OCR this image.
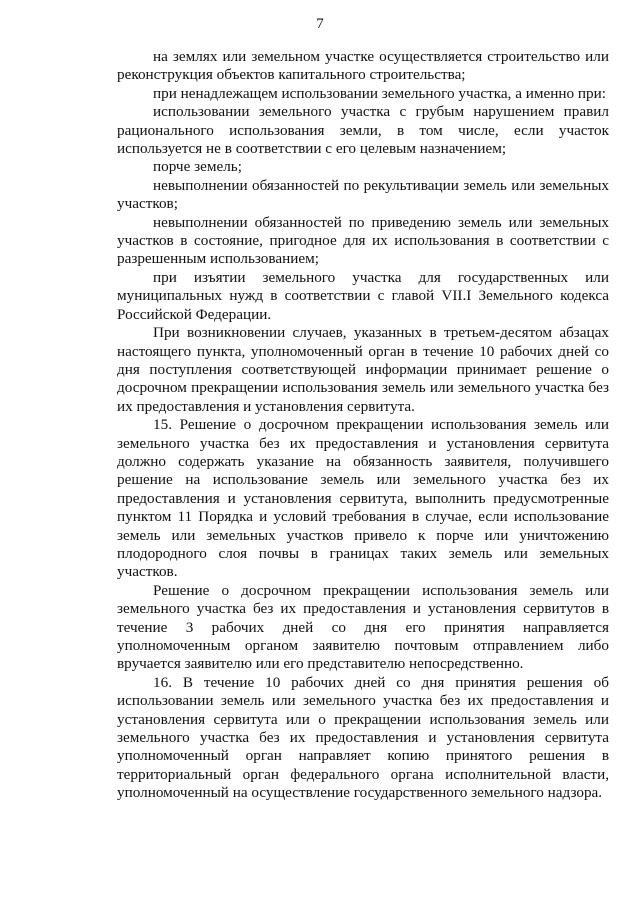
7

на землях или земельном участке осуществляется строительство или реконструкция объектов капитального строительства;

при ненадлежащем использовании земельного участка, а именно при:

использовании земельного участка с грубым нарушением правил рационального использования земли, в том числе, если участок используется не в соответствии с его целевым назначением;

порче земель;

невыполнении обязанностей по рекультивации земель или земельных участков;

невыполнении обязанностей по приведению земель или земельных участков в состояние, пригодное для их использования в соответствии с разрешенным использованием;

при изъятии земельного участка для государственных или муниципальных нужд в соответствии с главой VII.I Земельного кодекса Российской Федерации.

При возникновении случаев, указанных в третьем-десятом абзацах настоящего пункта, уполномоченный орган в течение 10 рабочих дней со дня поступления соответствующей информации принимает решение о досрочном прекращении использования земель или земельного участка без их предоставления и установления сервитута.

15. Решение о досрочном прекращении использования земель или земельного участка без их предоставления и установления сервитута должно содержать указание на обязанность заявителя, получившего решение на использование земель или земельного участка без их предоставления и установления сервитута, выполнить предусмотренные пунктом 11 Порядка и условий требования в случае, если использование земель или земельных участков привело к порче или уничтожению плодородного слоя почвы в границах таких земель или земельных участков.

Решение о досрочном прекращении использования земель или земельного участка без их предоставления и установления сервитутов в течение 3 рабочих дней со дня его принятия направляется уполномоченным органом заявителю почтовым отправлением либо вручается заявителю или его представителю непосредственно.

16. В течение 10 рабочих дней со дня принятия решения об использовании земель или земельного участка без их предоставления и установления сервитута или о прекращении использования земель или земельного участка без их предоставления и установления сервитута уполномоченный орган направляет копию принятого решения в территориальный орган федерального органа исполнительной власти, уполномоченный на осуществление государственного земельного надзора.
